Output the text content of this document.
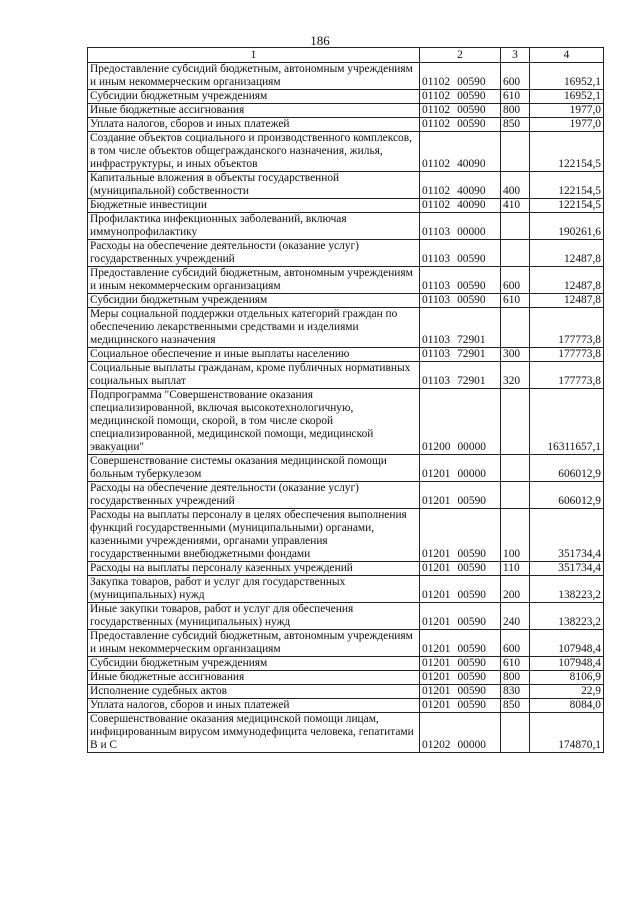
186
1	2	3	4
Предоставление субсидий бюджетным, автономным учреждениям и иным некоммерческим организациям	01102 00590	600	16952,1
Субсидии бюджетным учреждениям	01102 00590	610	16952,1
Иные бюджетные ассигнования	01102 00590	800	1977,0
Уплата налогов, сборов и иных платежей	01102 00590	850	1977,0
Создание объектов социального и производственного комплексов, в том числе объектов общегражданского назначения, жилья, инфраструктуры, и иных объектов	01102 40090		122154,5
Капитальные вложения в объекты государственной (муниципальной) собственности	01102 40090	400	122154,5
Бюджетные инвестиции	01102 40090	410	122154,5
Профилактика инфекционных заболеваний, включая иммунопрофилактику	01103 00000		190261,6
Расходы на обеспечение деятельности (оказание услуг) государственных учреждений	01103 00590		12487,8
Предоставление субсидий бюджетным, автономным учреждениям и иным некоммерческим организациям	01103 00590	600	12487,8
Субсидии бюджетным учреждениям	01103 00590	610	12487,8
Меры социальной поддержки отдельных категорий граждан по обеспечению лекарственными средствами и изделиями медицинского назначения	01103 72901		177773,8
Социальное обеспечение и иные выплаты населению	01103 72901	300	177773,8
Социальные выплаты гражданам, кроме публичных нормативных социальных выплат	01103 72901	320	177773,8
Подпрограмма "Совершенствование оказания специализированной, включая высокотехнологичную, медицинской помощи, скорой, в том числе скорой специализированной, медицинской помощи, медицинской эвакуации"	01200 00000		16311657,1
Совершенствование системы оказания медицинской помощи больным туберкулезом	01201 00000		606012,9
Расходы на обеспечение деятельности (оказание услуг) государственных учреждений	01201 00590		606012,9
Расходы на выплаты персоналу в целях обеспечения выполнения функций государственными (муниципальными) органами, казенными учреждениями, органами управления государственными внебюджетными фондами	01201 00590	100	351734,4
Расходы на выплаты персоналу казенных учреждений	01201 00590	110	351734,4
Закупка товаров, работ и услуг для государственных (муниципальных) нужд	01201 00590	200	138223,2
Иные закупки товаров, работ и услуг для обеспечения государственных (муниципальных) нужд	01201 00590	240	138223,2
Предоставление субсидий бюджетным, автономным учреждениям и иным некоммерческим организациям	01201 00590	600	107948,4
Субсидии бюджетным учреждениям	01201 00590	610	107948,4
Иные бюджетные ассигнования	01201 00590	800	8106,9
Исполнение судебных актов	01201 00590	830	22,9
Уплата налогов, сборов и иных платежей	01201 00590	850	8084,0
Совершенствование оказания медицинской помощи лицам, инфицированным вирусом иммунодефицита человека, гепатитами В и С	01202 00000		174870,1
